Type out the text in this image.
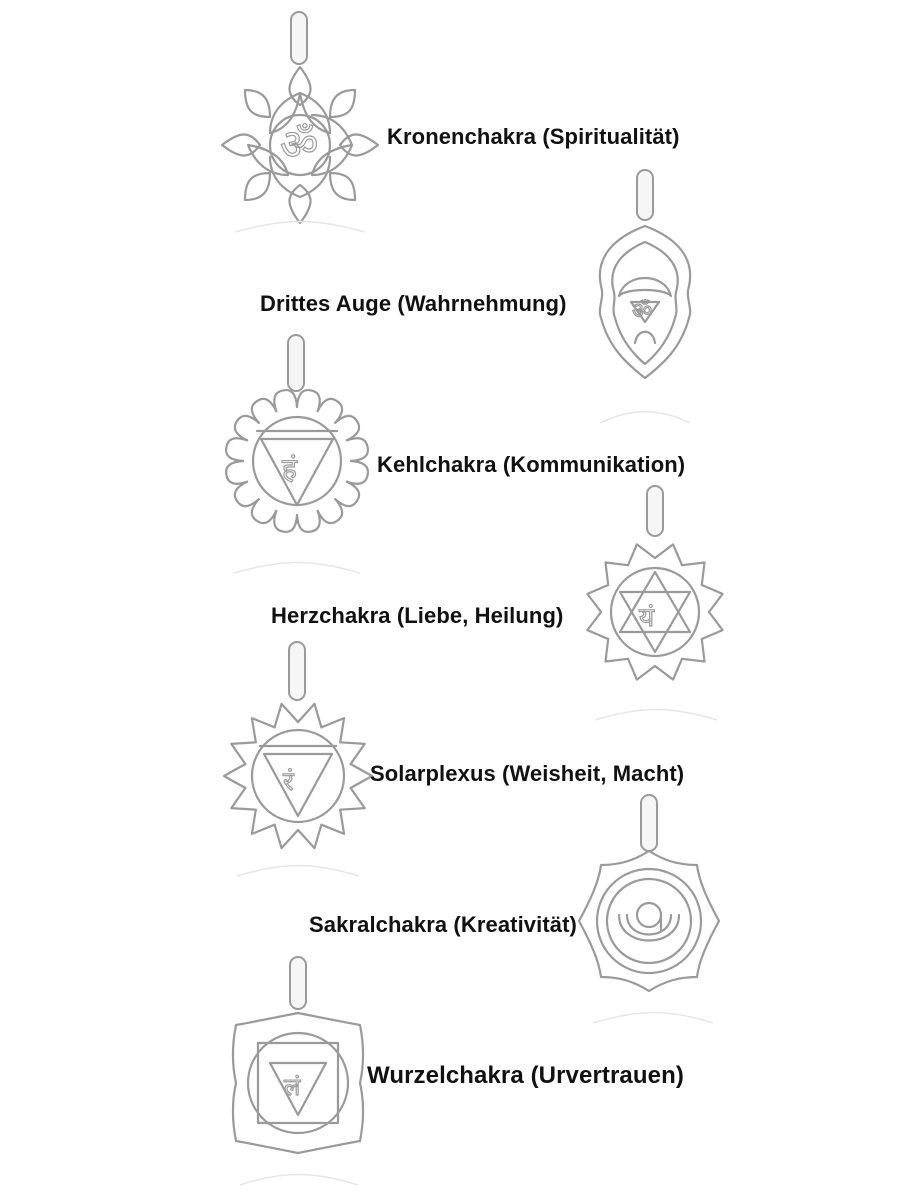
ॐ	Kronenchakra (Spiritualität)
ॐ
Drittes Auge (Wahrnehmung)
हं	Kehlchakra (Kommunikation)
यं
Herzchakra (Liebe, Heilung)
रं	Solarplexus (Weisheit, Macht)
Sakralchakra (Kreativität)
लं	Wurzelchakra (Urvertrauen)
